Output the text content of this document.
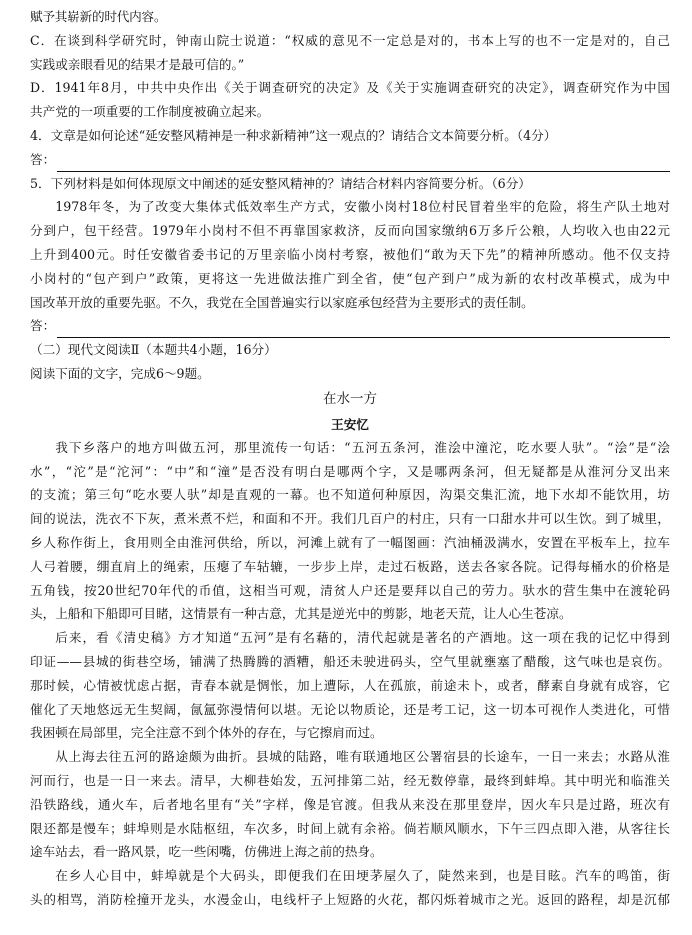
赋予其崭新的时代内容。
C．在谈到科学研究时，钟南山院士说道：“权威的意见不一定总是对的，书本上写的也不一定是对的，自己
实践或亲眼看见的结果才是最可信的。”
D．1941年8月，中共中央作出《关于调查研究的决定》及《关于实施调查研究的决定》，调查研究作为中国
共产党的一项重要的工作制度被确立起来。
4．文章是如何论述“延安整风精神是一种求新精神”这一观点的？请结合文本简要分析。（4分）
答：
5．下列材料是如何体现原文中阐述的延安整风精神的？请结合材料内容简要分析。（6分）
1978年冬，为了改变大集体式低效率生产方式，安徽小岗村18位村民冒着坐牢的危险，将生产队土地对
分到户，包干经营。1979年小岗村不但不再靠国家救济，反而向国家缴纳6万多斤公粮，人均收入也由22元
上升到400元。时任安徽省委书记的万里亲临小岗村考察，被他们“敢为天下先”的精神所感动。他不仅支持
小岗村的“包产到户”政策，更将这一先进做法推广到全省，使“包产到户”成为新的农村改革模式，成为中
国改革开放的重要先驱。不久，我党在全国普遍实行以家庭承包经营为主要形式的责任制。
答：
（二）现代文阅读Ⅱ（本题共4小题，16分）
阅读下面的文字，完成6～9题。
在水一方
王安忆
我下乡落户的地方叫做五河，那里流传一句话：“五河五条河，淮浍中潼沱，吃水要人驮”。“浍”是“浍
水”，“沱”是“沱河”：“中”和“潼”是否没有明白是哪两个字，又是哪两条河，但无疑都是从淮河分叉出来
的支流；第三句“吃水要人驮”却是直观的一幕。也不知道何种原因，沟渠交集汇流，地下水却不能饮用，坊
间的说法，洗衣不下灰，煮米煮不烂，和面和不开。我们几百户的村庄，只有一口甜水井可以生饮。到了城里，
乡人称作街上，食用则全由淮河供给，所以，河滩上就有了一幅图画：汽油桶汲满水，安置在平板车上，拉车
人弓着腰，绷直肩上的绳索，压瘪了车轱辘，一步步上岸，走过石板路，送去各家各院。记得每桶水的价格是
五角钱，按20世纪70年代的币值，这相当可观，清贫人户还是要拜以自己的劳力。驮水的营生集中在渡轮码
头，上船和下船即可目睹，这情景有一种古意，尤其是逆光中的剪影，地老天荒，让人心生苍凉。
后来，看《清史稿》方才知道“五河”是有名藉的，清代起就是著名的产酒地。这一项在我的记忆中得到
印证——县城的街巷空场，铺满了热腾腾的酒糟，船还未驶进码头，空气里就壅塞了醋酸，这气味也是哀伤。
那时候，心情被忧虑占据，青春本就是惆怅，加上遭际，人在孤旅，前途未卜，或者，酵素自身就有成容，它
催化了天地悠远无生契阔，氤氲弥漫情何以堪。无论以物质论，还是考工记，这一切本可视作人类进化，可惜
我困顿在局部里，完全注意不到个体外的存在，与它擦肩而过。
从上海去往五河的路途颇为曲折。县城的陆路，唯有联通地区公署宿县的长途车，一日一来去；水路从淮
河而行，也是一日一来去。清早，大柳巷始发，五河排第二站，经无数停靠，最终到蚌埠。其中明光和临淮关
沿铁路线，通火车，后者地名里有“关”字样，像是官渡。但我从来没在那里登岸，因火车只是过路，班次有
限还都是慢车；蚌埠则是水陆枢纽，车次多，时间上就有余裕。倘若顺风顺水，下午三四点即入港，从客往长
途车站去，看一路风景，吃一些闲嘴，仿佛进上海之前的热身。
在乡人心目中，蚌埠就是个大码头，即便我们在田埂茅屋久了，陡然来到，也是目眩。汽车的鸣笛，街
头的相骂，消防栓撞开龙头，水漫金山，电线杆子上短路的火花，都闪烁着城市之光。返回的路程，却是沉郁
